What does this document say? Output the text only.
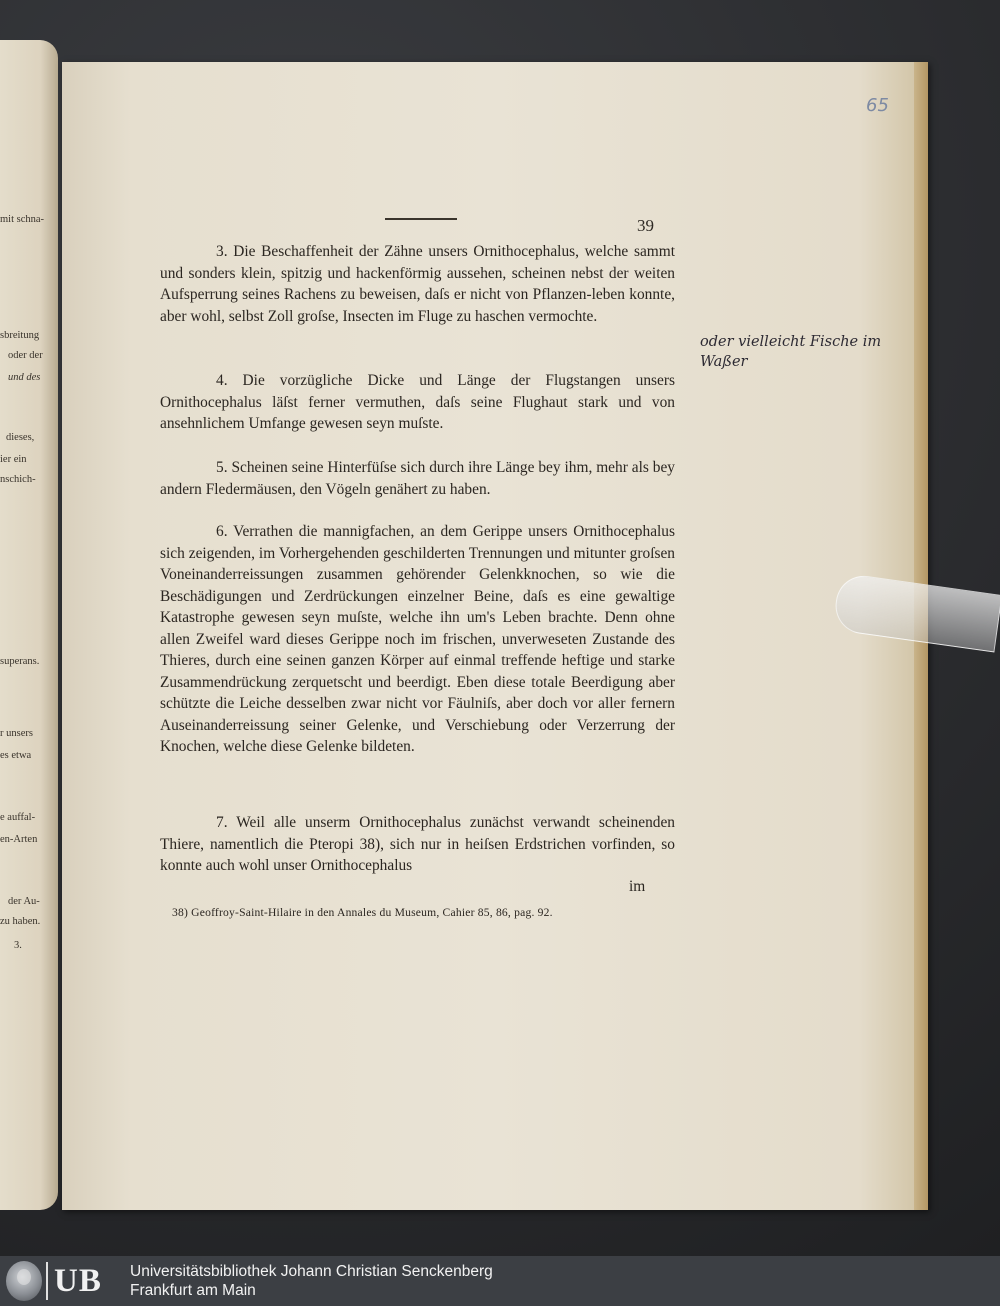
mit schna-
sbreitung
oder der
und des
dieses,
ier ein
nschich-
superans.
r unsers
es etwa
e auffal-
en-Arten
der Au-
zu haben.
3.
65
39

3. Die Beschaffenheit der Zähne unsers Ornithocephalus, welche sammt und sonders klein, spitzig und hackenförmig aussehen, scheinen nebst der weiten Aufsperrung seines Rachens zu beweisen, daſs er nicht von Pflanzen-leben konnte, aber wohl, selbst Zoll groſse, Insecten im Fluge zu haschen vermochte.

4. Die vorzügliche Dicke und Länge der Flugstangen unsers Ornithocephalus läſst ferner vermuthen, daſs seine Flughaut stark und von ansehnlichem Umfange gewesen seyn muſste.

5. Scheinen seine Hinterfüſse sich durch ihre Länge bey ihm, mehr als bey andern Fledermäusen, den Vögeln genähert zu haben.

6. Verrathen die mannigfachen, an dem Gerippe unsers Ornithocephalus sich zeigenden, im Vorhergehenden geschilderten Trennungen und mitunter groſsen Voneinanderreissungen zusammen gehörender Gelenkknochen, so wie die Beschädigungen und Zerdrückungen einzelner Beine, daſs es eine gewaltige Katastrophe gewesen seyn muſste, welche ihn um's Leben brachte. Denn ohne allen Zweifel ward dieses Gerippe noch im frischen, unverweseten Zustande des Thieres, durch eine seinen ganzen Körper auf einmal treffende heftige und starke Zusammendrückung zerquetscht und beerdigt. Eben diese totale Beerdigung aber schützte die Leiche desselben zwar nicht vor Fäulniſs, aber doch vor aller fernern Auseinanderreissung seiner Gelenke, und Verschiebung oder Verzerrung der Knochen, welche diese Gelenke bildeten.

7. Weil alle unserm Ornithocephalus zunächst verwandt scheinenden Thiere, namentlich die Pteropi 38), sich nur in heiſsen Erdstrichen vorfinden, so konnte auch wohl unser Ornithocephalus

im
38) Geoffroy-Saint-Hilaire in den Annales du Museum, Cahier 85, 86, pag. 92.
oder vielleicht Fische im Waßer
UB Universitätsbibliothek Johann Christian Senckenberg
Frankfurt am Main
